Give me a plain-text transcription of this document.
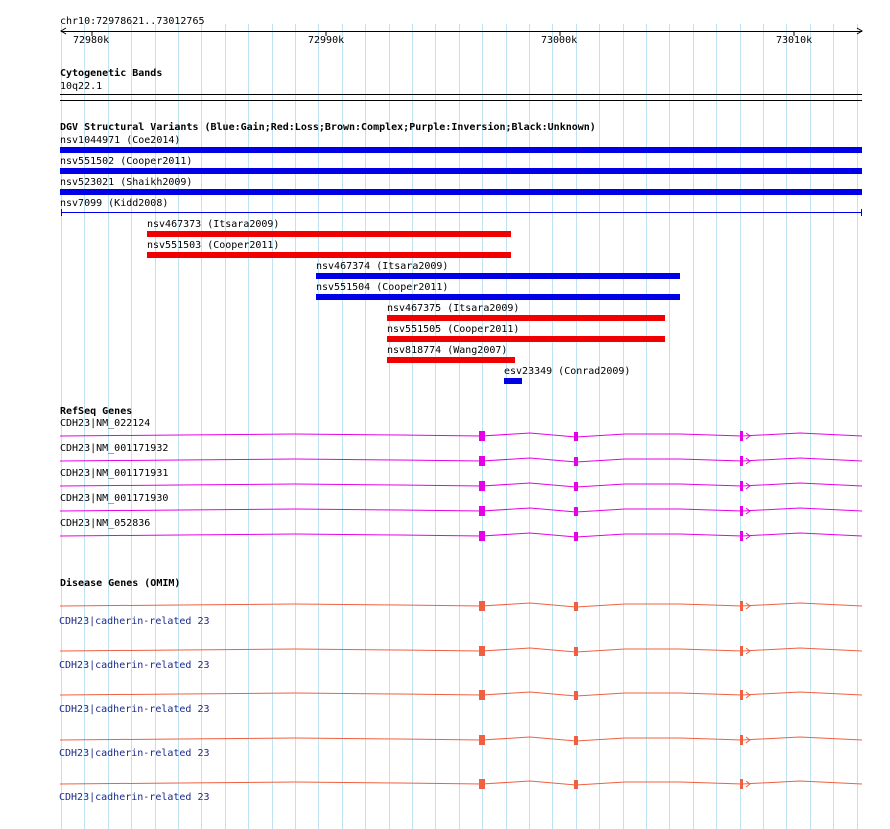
chr10:72978621..73012765
72980k	72990k	73000k	73010k
Cytogenetic Bands
10q22.1
DGV Structural Variants (Blue:Gain;Red:Loss;Brown:Complex;Purple:Inversion;Black:Unknown)
nsv1044971 (Coe2014)
nsv551502 (Cooper2011)
nsv523021 (Shaikh2009)
nsv7099 (Kidd2008)
nsv467373 (Itsara2009)
nsv551503 (Cooper2011)
nsv467374 (Itsara2009)
nsv551504 (Cooper2011)
nsv467375 (Itsara2009)
nsv551505 (Cooper2011)
nsv818774 (Wang2007)
esv23349 (Conrad2009)
RefSeq Genes
CDH23|NM_022124
CDH23|NM_001171932
CDH23|NM_001171931
CDH23|NM_001171930
CDH23|NM_052836
Disease Genes (OMIM)
CDH23|cadherin-related 23
CDH23|cadherin-related 23
CDH23|cadherin-related 23
CDH23|cadherin-related 23
CDH23|cadherin-related 23
